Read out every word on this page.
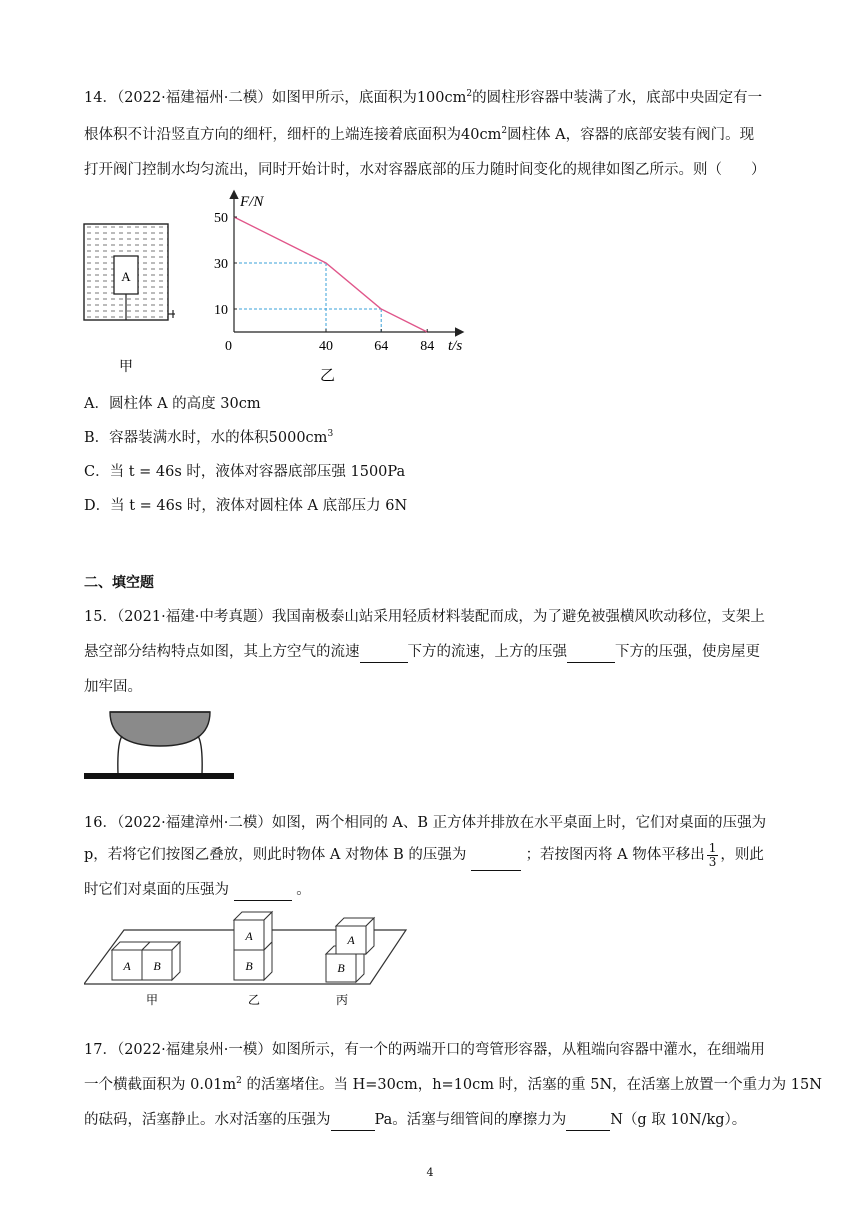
14．（2022·福建福州·二模）如图甲所示，底面积为$100cm^2$的圆柱形容器中装满了水，底部中央固定有一
根体积不计沿竖直方向的细杆，细杆的上端连接着底面积为$40cm^2$圆柱体 A，容器的底部安装有阀门。现
打开阀门控制水均匀流出，同时开始计时，水对容器底部的压力随时间变化的规律如图乙所示。则（　　）
A
甲
40	64 84
10
30
50
F/N
t/s
0
乙
A．圆柱体 A 的高度 30cm
B．容器装满水时，水的体积$5000cm^3$
C．当 t = 46s 时，液体对容器底部压强 1500Pa
D．当 t = 46s 时，液体对圆柱体 A 底部压力 6N
二、填空题
15．（2021·福建·中考真题）我国南极泰山站采用轻质材料装配而成，为了避免被强横风吹动移位，支架上
悬空部分结构特点如图，其上方空气的流速	下方的流速，上方的压强	下方的压强，使房屋更
加牢固。
16．（2022·福建漳州·二模）如图，两个相同的 A、B 正方体并排放在水平桌面上时，它们对桌面的压强为
p，若将它们按图乙叠放，则此时物体 A 对物体 B 的压强为	；若按图丙将 A 物体平移出 $\frac{1}{3}$ ，则此
时它们对桌面的压强为	。
A B
A
B	B
A
甲	乙	丙
17．（2022·福建泉州·一模）如图所示，有一个的两端开口的弯管形容器，从粗端向容器中灌水，在细端用
一个横截面积为 $0.01m^2$ 的活塞堵住。当 H=30cm，h=10cm 时，活塞的重 5N，在活塞上放置一个重力为 15N
的砝码，活塞静止。水对活塞的压强为	Pa。活塞与细管间的摩擦力为	N（g 取 10N/kg）。
4
